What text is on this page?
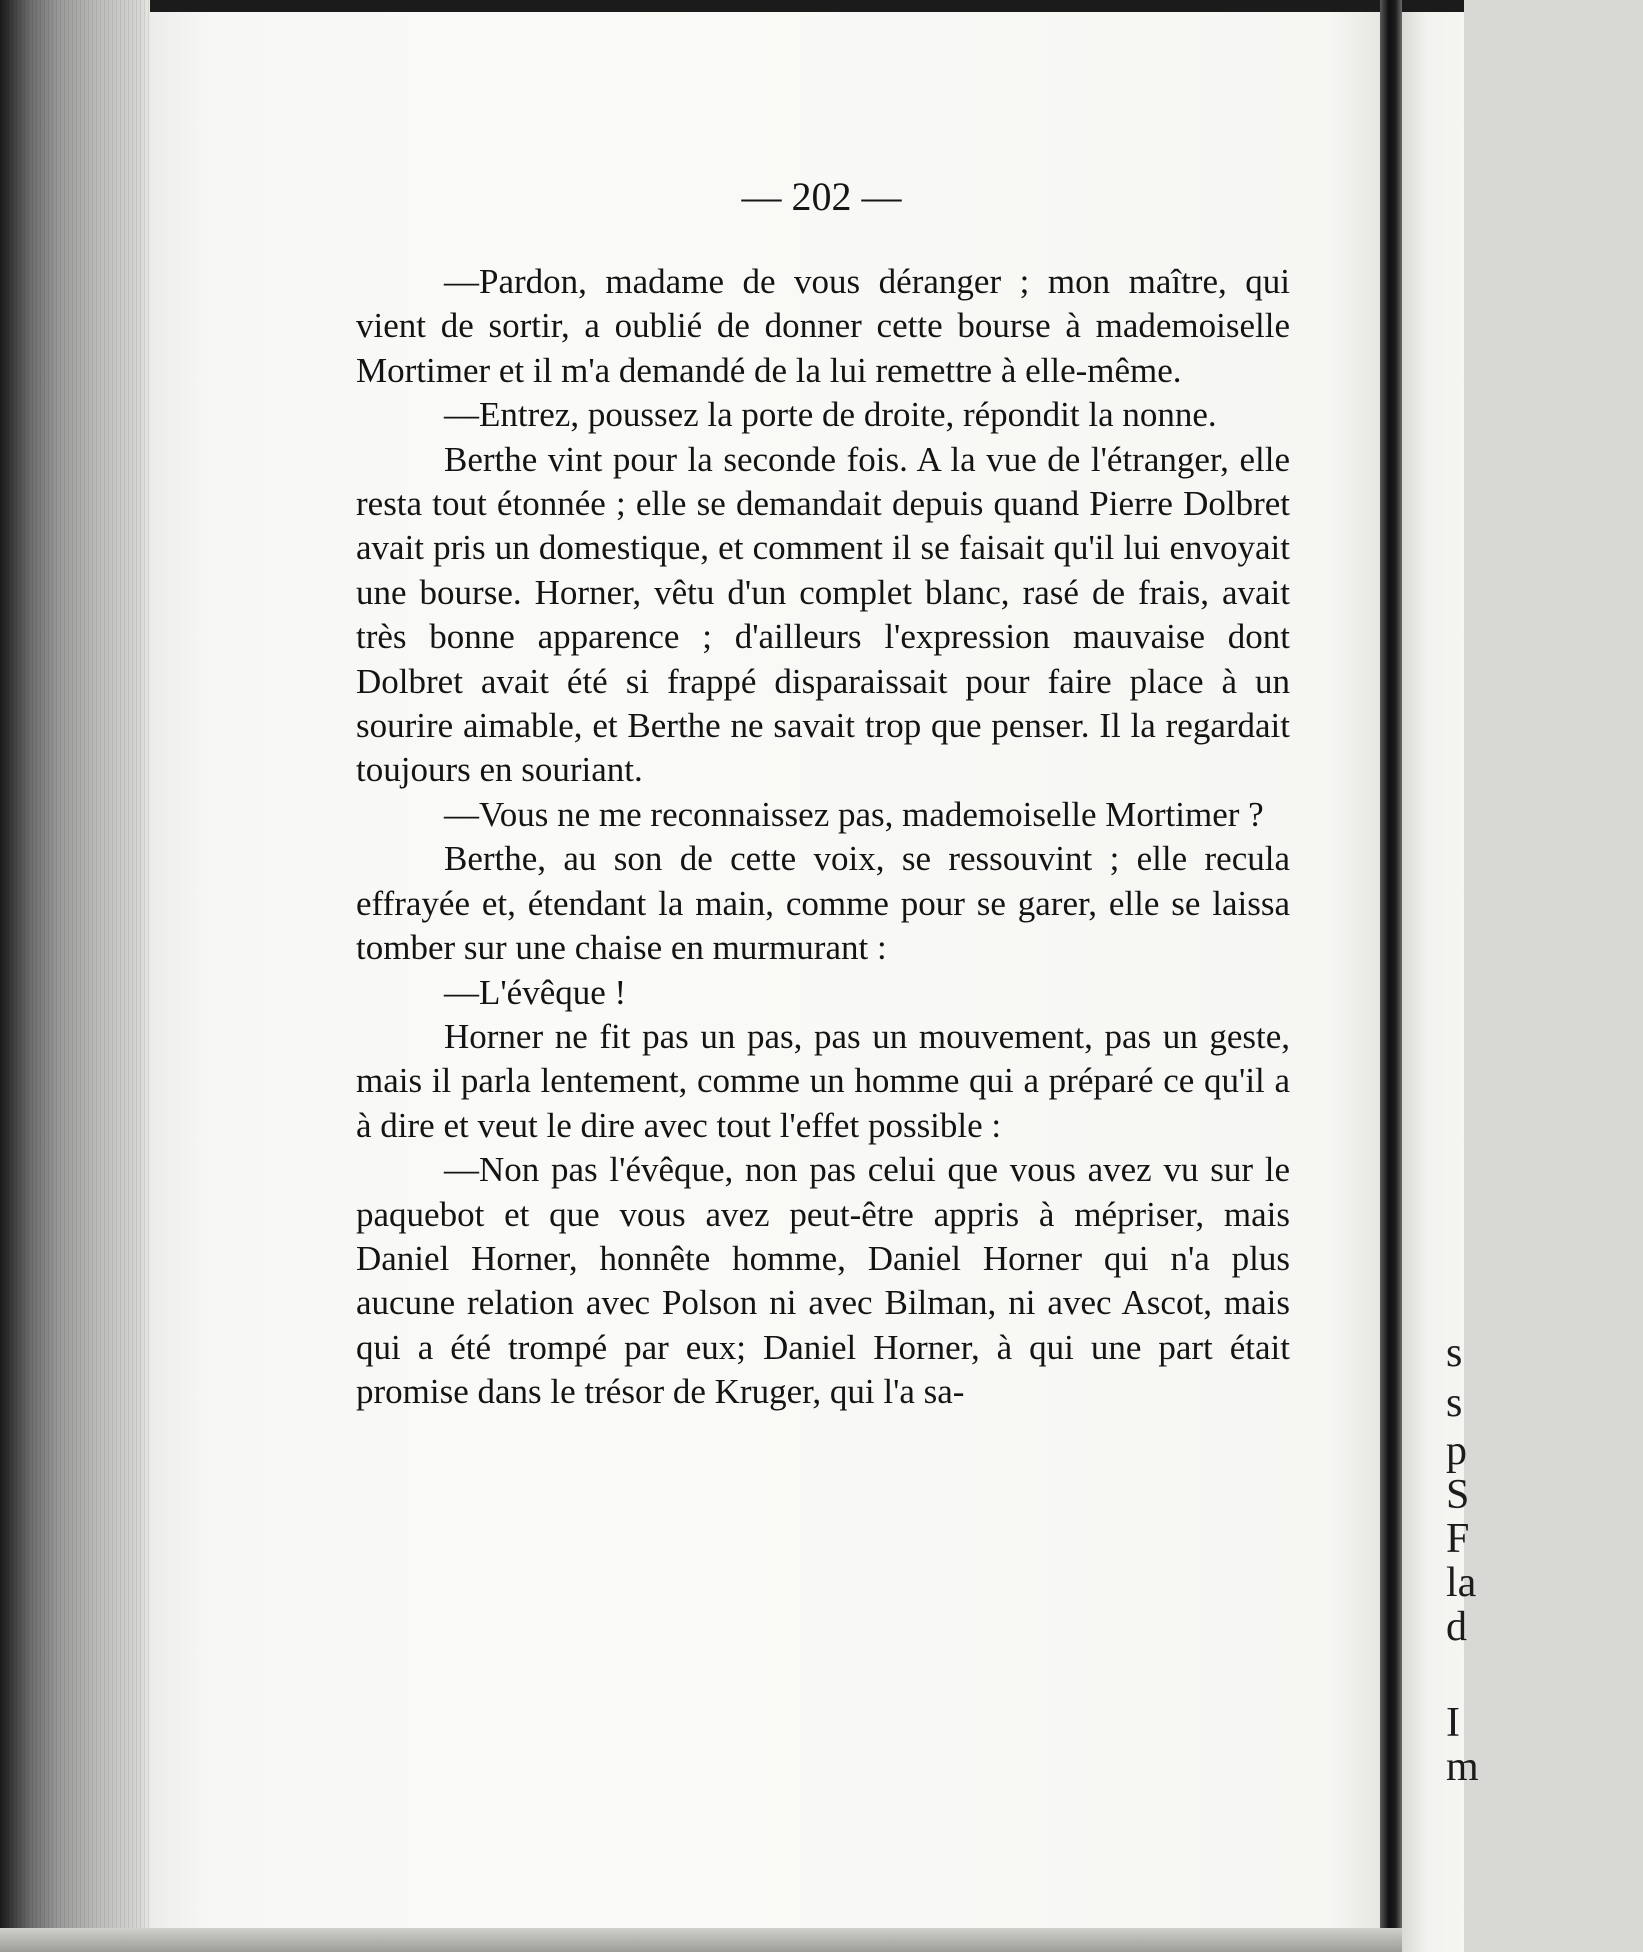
— 202 —

—Pardon, madame de vous déranger ; mon maître, qui vient de sortir, a oublié de donner cette bourse à mademoiselle Mortimer et il m'a demandé de la lui remettre à elle-même.

—Entrez, poussez la porte de droite, répondit la nonne.

Berthe vint pour la seconde fois. A la vue de l'étranger, elle resta tout étonnée ; elle se demandait depuis quand Pierre Dolbret avait pris un domestique, et comment il se faisait qu'il lui envoyait une bourse. Horner, vêtu d'un complet blanc, rasé de frais, avait très bonne apparence ; d'ailleurs l'expression mauvaise dont Dolbret avait été si frappé disparaissait pour faire place à un sourire aimable, et Berthe ne savait trop que penser. Il la regardait toujours en souriant.

—Vous ne me reconnaissez pas, mademoiselle Mortimer ?

Berthe, au son de cette voix, se ressouvint ; elle recula effrayée et, étendant la main, comme pour se garer, elle se laissa tomber sur une chaise en murmurant :

—L'évêque !

Horner ne fit pas un pas, pas un mouvement, pas un geste, mais il parla lentement, comme un homme qui a préparé ce qu'il a à dire et veut le dire avec tout l'effet possible :

—Non pas l'évêque, non pas celui que vous avez vu sur le paquebot et que vous avez peut-être appris à mépriser, mais Daniel Horner, honnête homme, Daniel Horner qui n'a plus aucune relation avec Polson ni avec Bilman, ni avec Ascot, mais qui a été trompé par eux; Daniel Horner, à qui une part était promise dans le trésor de Kruger, qui l'a sa-

s
s
p
S
F
la
d
I
m
